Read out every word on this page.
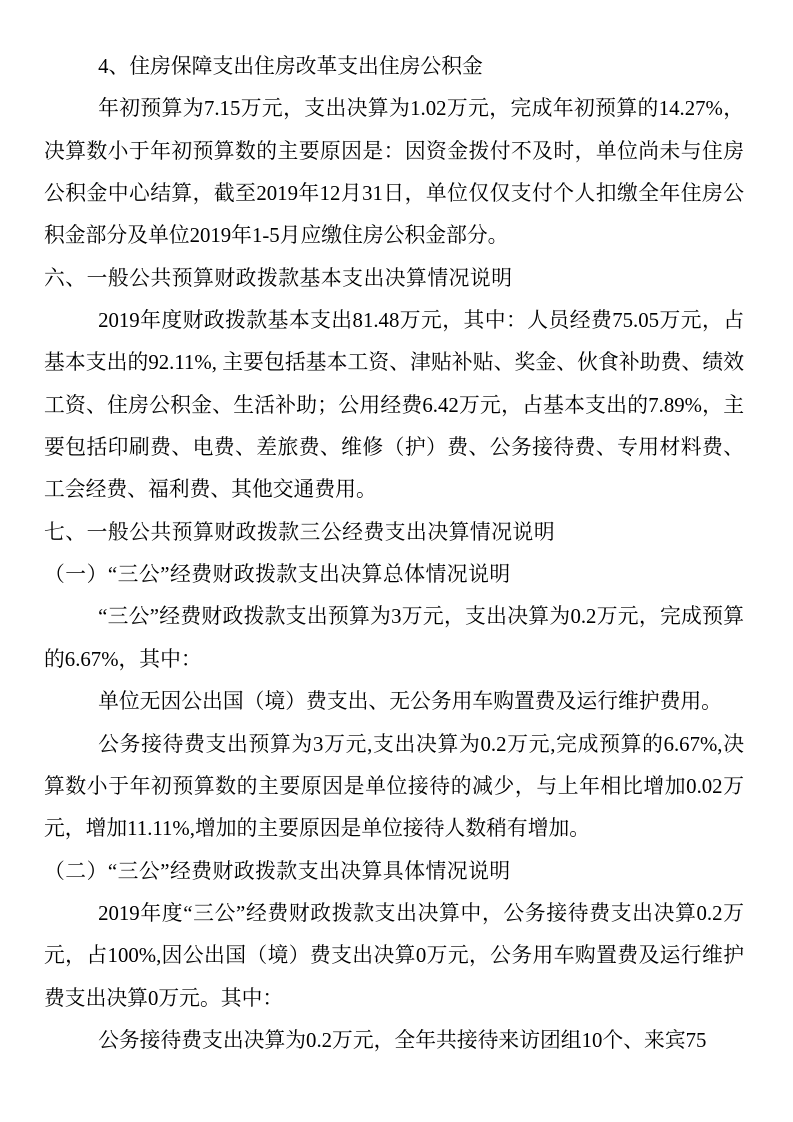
4、住房保障支出住房改革支出住房公积金

年初预算为7.15万元，支出决算为1.02万元，完成年初预算的14.27%，决算数小于年初预算数的主要原因是：因资金拨付不及时，单位尚未与住房公积金中心结算，截至2019年12月31日，单位仅仅支付个人扣缴全年住房公积金部分及单位2019年1-5月应缴住房公积金部分。

六、一般公共预算财政拨款基本支出决算情况说明

2019年度财政拨款基本支出81.48万元，其中：人员经费75.05万元，占基本支出的92.11%, 主要包括基本工资、津贴补贴、奖金、伙食补助费、绩效工资、住房公积金、生活补助；公用经费6.42万元，占基本支出的7.89%，主要包括印刷费、电费、差旅费、维修（护）费、公务接待费、专用材料费、工会经费、福利费、其他交通费用。

七、一般公共预算财政拨款三公经费支出决算情况说明
（一）“三公”经费财政拨款支出决算总体情况说明

“三公”经费财政拨款支出预算为3万元，支出决算为0.2万元，完成预算的6.67%，其中：

单位无因公出国（境）费支出、无公务用车购置费及运行维护费用。

公务接待费支出预算为3万元,支出决算为0.2万元,完成预算的6.67%,决算数小于年初预算数的主要原因是单位接待的减少，与上年相比增加0.02万元，增加11.11%,增加的主要原因是单位接待人数稍有增加。

（二）“三公”经费财政拨款支出决算具体情况说明

2019年度“三公”经费财政拨款支出决算中，公务接待费支出决算0.2万元，占100%,因公出国（境）费支出决算0万元，公务用车购置费及运行维护费支出决算0万元。其中：

公务接待费支出决算为0.2万元，全年共接待来访团组10个、来宾75
